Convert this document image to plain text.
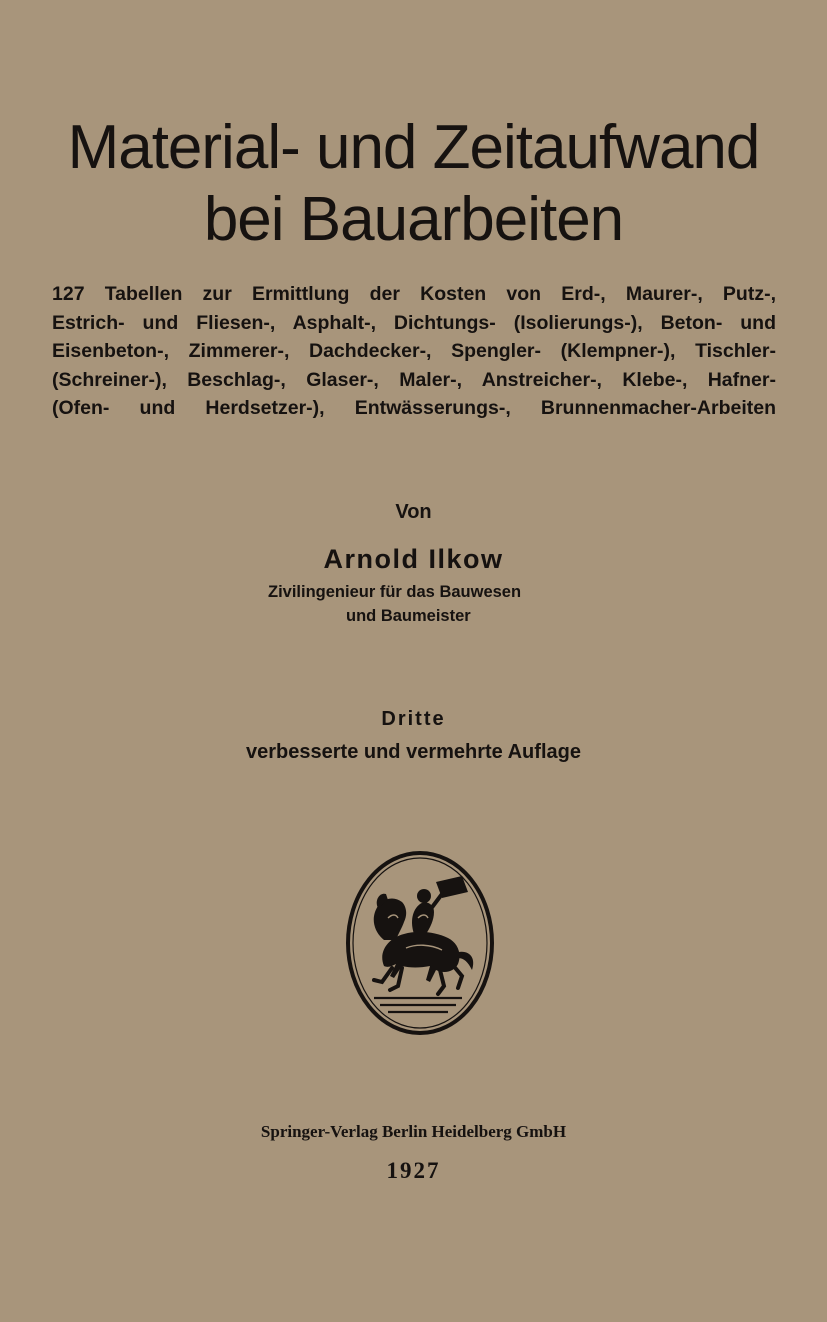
Material- und Zeitaufwand
bei Bauarbeiten

127 Tabellen zur Ermittlung der Kosten von Erd-, Maurer-, Putz-,
Estrich- und Fliesen-, Asphalt-, Dichtungs- (Isolierungs-), Beton- und
Eisenbeton-, Zimmerer-, Dachdecker-, Spengler- (Klempner-), Tischler-
(Schreiner-), Beschlag-, Glaser-, Maler-, Anstreicher-, Klebe-, Hafner-
(Ofen- und Herdsetzer-), Entwässerungs-, Brunnenmacher-Arbeiten

Von

Arnold Ilkow

Zivilingenieur für das Bauwesen
und Baumeister

Dritte

verbesserte und vermehrte Auflage

Springer-Verlag Berlin Heidelberg GmbH

1927
